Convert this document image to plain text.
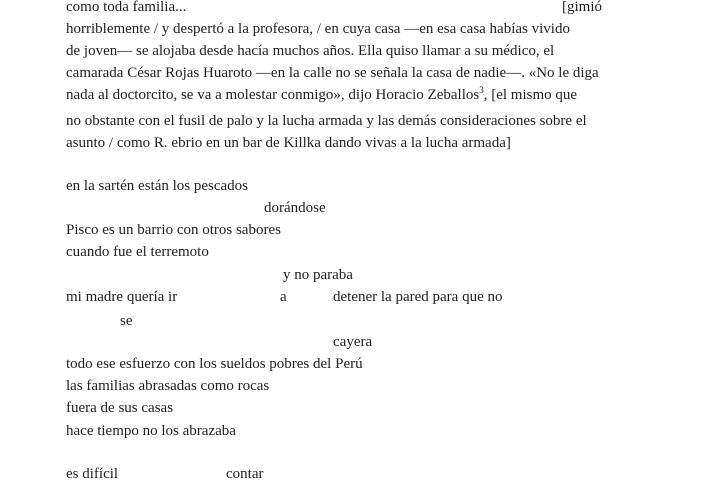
como toda familia...	[gimió
horriblemente / y despertó a la profesora, / en cuya casa —en esa casa habías vivido
de joven— se alojaba desde hacía muchos años. Ella quiso llamar a su médico, el
camarada César Rojas Huaroto —en la calle no se señala la casa de nadie—. «No le diga
nada al doctorcito, se va a molestar conmigo», dijo Horacio Zeballos$^3$, [el mismo que
no obstante con el fusil de palo y la lucha armada y las demás consideraciones sobre el
asunto / como R. ebrio en un bar de Killka dando vivas a la lucha armada]
en la sartén están los pescados
dorándose
Pisco es un barrio con otros sabores
cuando fue el terremoto
y no paraba
mi madre quería ir	a	detener la pared para que no
se
cayera
todo ese esfuerzo con los sueldos pobres del Perú
las familias abrasadas como rocas
fuera de sus casas
hace tiempo no los abrazaba
es difícil	contar
